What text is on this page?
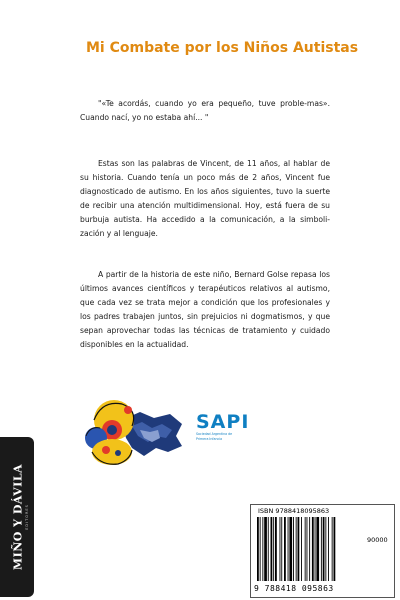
Mi Combate por los Niños Autistas
"«Te acordás, cuando yo era pequeño, tuve proble-mas». Cuando nací, yo no estaba ahí... "
Estas son las palabras de Vincent, de 11 años, al hablar de su historia. Cuando tenía un poco más de 2 años, Vincent fue diagnosticado de autismo. En los años siguientes, tuvo la suerte de recibir una atención multidimensional. Hoy, está fuera de su burbuja autista. Ha accedido a la comunicación, a la simboli-zación y al lenguaje.
A partir de la historia de este niño, Bernard Golse repasa los últimos avances científicos y terapéuticos relativos al autismo, que cada vez se trata mejor a condición que los profesionales y los padres trabajen juntos, sin prejuicios ni dogmatismos, y que sepan aprovechar todas las técnicas de tratamiento y cuidado disponibles en la actualidad.
SAPI
Sociedad Argentina de
Primera Infancia
MIÑO Y DÁVILA EDITORES	ISBN 9788418095863
90000
9 788418 095863
